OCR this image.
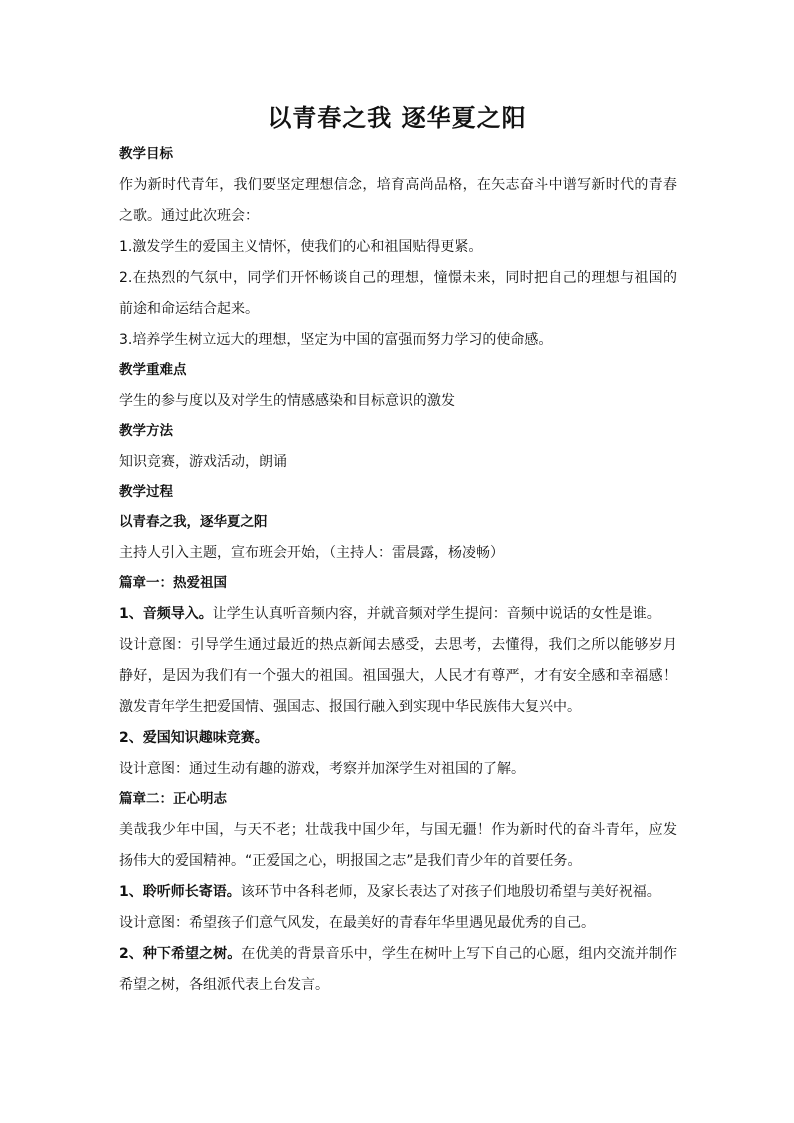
以青春之我 逐华夏之阳
教学目标
作为新时代青年，我们要坚定理想信念，培育高尚品格，在矢志奋斗中谱写新时代的青春之歌。通过此次班会：
1.激发学生的爱国主义情怀，使我们的心和祖国贴得更紧。
2.在热烈的气氛中，同学们开怀畅谈自己的理想，憧憬未来，同时把自己的理想与祖国的前途和命运结合起来。
3.培养学生树立远大的理想，坚定为中国的富强而努力学习的使命感。
教学重难点
学生的参与度以及对学生的情感感染和目标意识的激发
教学方法
知识竞赛，游戏活动，朗诵
教学过程
以青春之我，逐华夏之阳
主持人引入主题，宣布班会开始，（主持人：雷晨露，杨凌畅）
篇章一：热爱祖国
1、音频导入。让学生认真听音频内容，并就音频对学生提问：音频中说话的女性是谁。
设计意图：引导学生通过最近的热点新闻去感受，去思考，去懂得，我们之所以能够岁月静好，是因为我们有一个强大的祖国。祖国强大，人民才有尊严，才有安全感和幸福感！激发青年学生把爱国情、强国志、报国行融入到实现中华民族伟大复兴中。
2、爱国知识趣味竞赛。
设计意图：通过生动有趣的游戏，考察并加深学生对祖国的了解。
篇章二：正心明志
美哉我少年中国，与天不老；壮哉我中国少年，与国无疆！作为新时代的奋斗青年，应发扬伟大的爱国精神。“正爱国之心，明报国之志”是我们青少年的首要任务。
1、聆听师长寄语。该环节中各科老师，及家长表达了对孩子们地殷切希望与美好祝福。
设计意图：希望孩子们意气风发，在最美好的青春年华里遇见最优秀的自己。
2、种下希望之树。在优美的背景音乐中，学生在树叶上写下自己的心愿，组内交流并制作希望之树，各组派代表上台发言。
